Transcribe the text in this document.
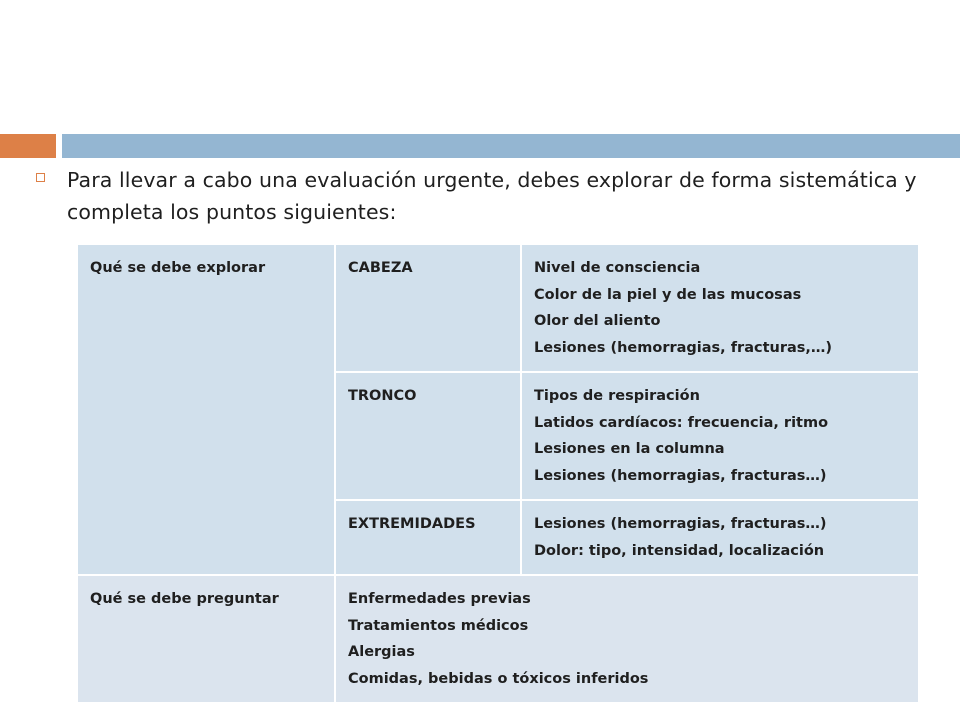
Para llevar a cabo una evaluación urgente, debes explorar de forma sistemática y completa los puntos siguientes:
Qué se debe explorar	CABEZA	Nivel de consciencia
Color de la piel y de las mucosas
Olor del aliento
Lesiones (hemorragias, fracturas,…)

	TRONCO	Tipos de respiración
Latidos cardíacos: frecuencia, ritmo
Lesiones en la columna
Lesiones (hemorragias, fracturas…)

	EXTREMIDADES	Lesiones (hemorragias, fracturas…)
Dolor: tipo, intensidad, localización

Qué se debe preguntar	Enfermedades previas
Tratamientos médicos
Alergias
Comidas, bebidas o tóxicos inferidos	
